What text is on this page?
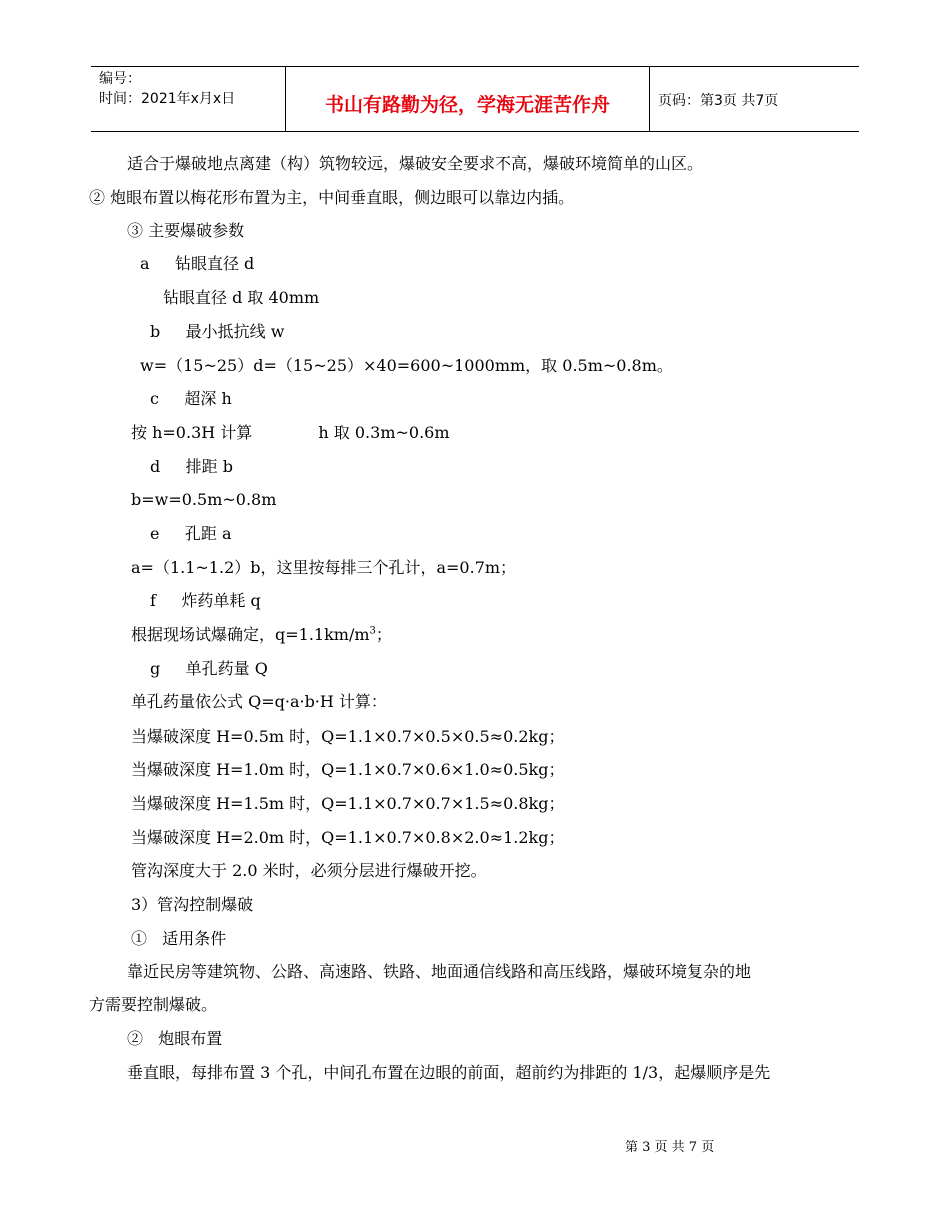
编号：
时间：2021年x月x日	书山有路勤为径，学海无涯苦作舟	页码：第3页 共7页
适合于爆破地点离建（构）筑物较远，爆破安全要求不高，爆破环境简单的山区。
② 炮眼布置以梅花形布置为主，中间垂直眼，侧边眼可以靠边内插。
③ 主要爆破参数
a     钻眼直径 d
钻眼直径 d 取 40mm
b     最小抵抗线 w
w=（15~25）d=（15~25）×40=600~1000mm，取 0.5m~0.8m。
c     超深 h
按 h=0.3H 计算             h 取 0.3m~0.6m
d     排距 b
b=w=0.5m~0.8m
e     孔距 a
a=（1.1~1.2）b，这里按每排三个孔计，a=0.7m；
f     炸药单耗 q
根据现场试爆确定，$q=1.1km/m^3$；
g     单孔药量 Q
单孔药量依公式 Q=q·a·b·H 计算：
当爆破深度 H=0.5m 时，Q=1.1×0.7×0.5×0.5≈0.2kg；
当爆破深度 H=1.0m 时，Q=1.1×0.7×0.6×1.0≈0.5kg；
当爆破深度 H=1.5m 时，Q=1.1×0.7×0.7×1.5≈0.8kg；
当爆破深度 H=2.0m 时，Q=1.1×0.7×0.8×2.0≈1.2kg；
管沟深度大于 2.0 米时，必须分层进行爆破开挖。
3）管沟控制爆破
①   适用条件
靠近民房等建筑物、公路、高速路、铁路、地面通信线路和高压线路，爆破环境复杂的地
方需要控制爆破。
②   炮眼布置
垂直眼，每排布置 3 个孔，中间孔布置在边眼的前面，超前约为排距的 1/3，起爆顺序是先
第 3 页 共 7 页
